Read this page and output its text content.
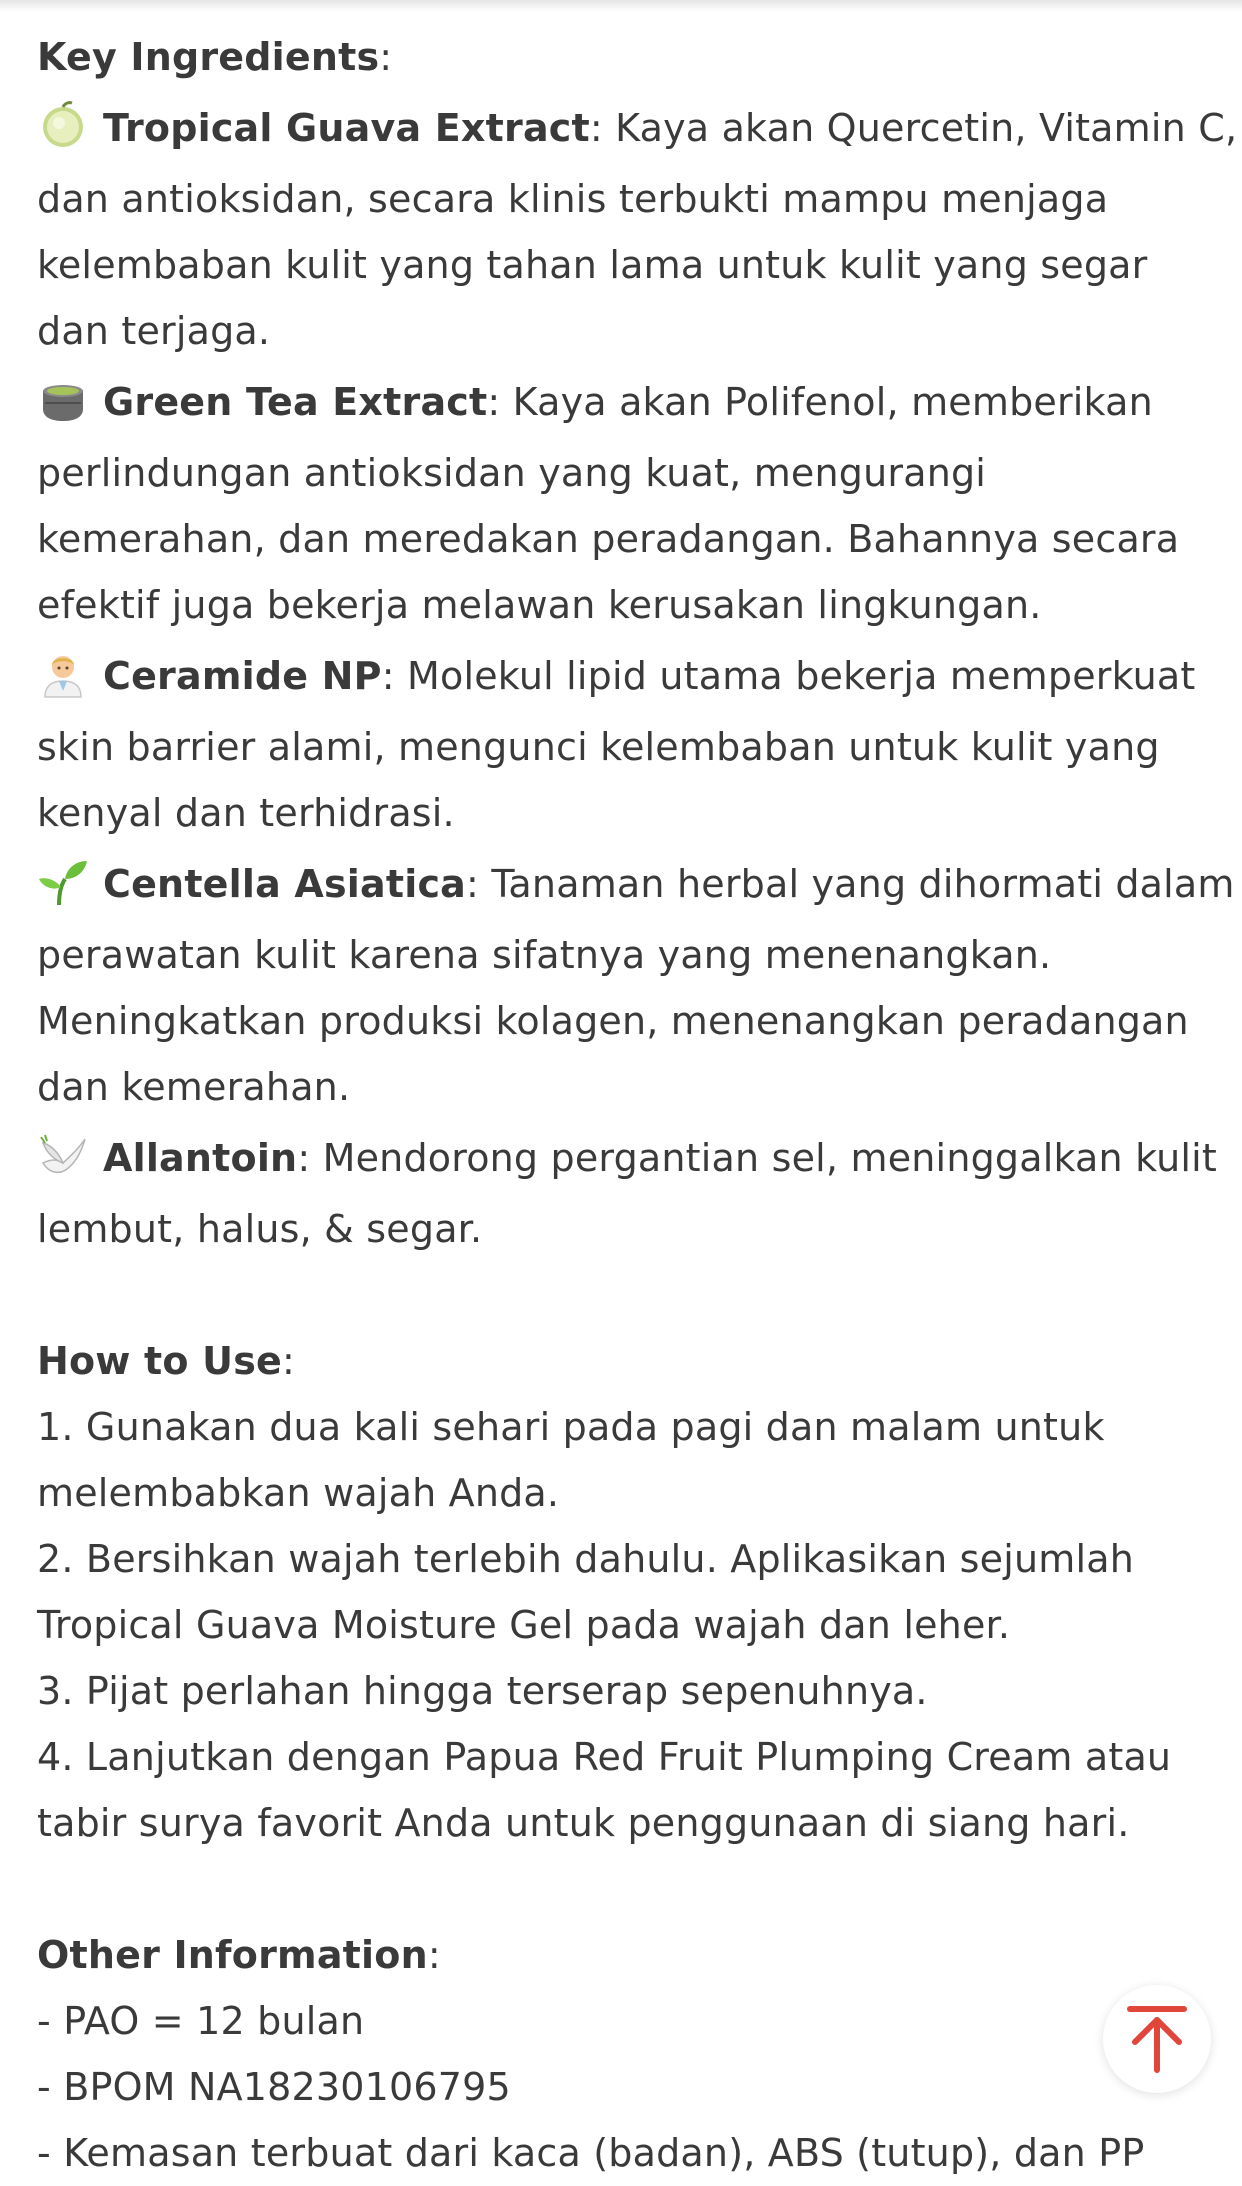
Key Ingredients:
Tropical Guava Extract: Kaya akan Quercetin, Vitamin C,
dan antioksidan, secara klinis terbukti mampu menjaga
kelembaban kulit yang tahan lama untuk kulit yang segar
dan terjaga.
Green Tea Extract: Kaya akan Polifenol, memberikan
perlindungan antioksidan yang kuat, mengurangi
kemerahan, dan meredakan peradangan. Bahannya secara
efektif juga bekerja melawan kerusakan lingkungan.
Ceramide NP: Molekul lipid utama bekerja memperkuat
skin barrier alami, mengunci kelembaban untuk kulit yang
kenyal dan terhidrasi.
Centella Asiatica: Tanaman herbal yang dihormati dalam
perawatan kulit karena sifatnya yang menenangkan.
Meningkatkan produksi kolagen, menenangkan peradangan
dan kemerahan.
Allantoin: Mendorong pergantian sel, meninggalkan kulit
lembut, halus, & segar.
How to Use:
1. Gunakan dua kali sehari pada pagi dan malam untuk
melembabkan wajah Anda.
2. Bersihkan wajah terlebih dahulu. Aplikasikan sejumlah
Tropical Guava Moisture Gel pada wajah dan leher.
3. Pijat perlahan hingga terserap sepenuhnya.
4. Lanjutkan dengan Papua Red Fruit Plumping Cream atau
tabir surya favorit Anda untuk penggunaan di siang hari.
Other Information:
- PAO = 12 bulan
- BPOM NA18230106795
- Kemasan terbuat dari kaca (badan), ABS (tutup), dan PP
